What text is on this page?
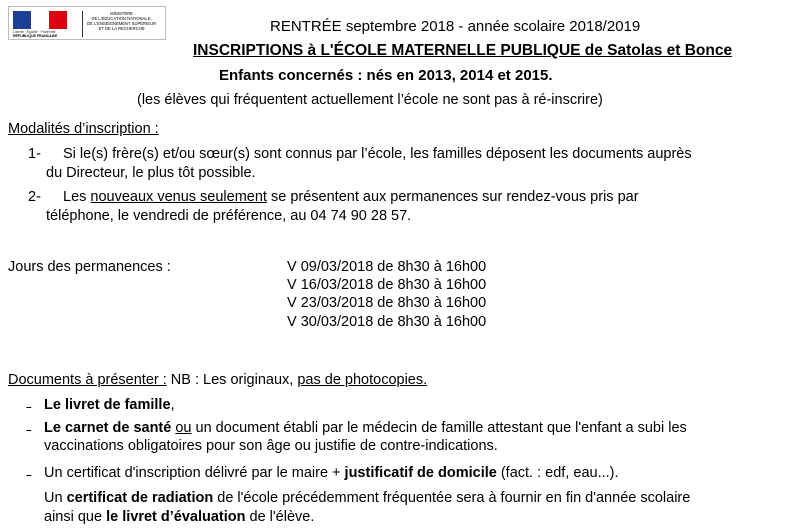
Liberté · Égalité · Fraternité
RÉPUBLIQUE FRANÇAISE
MINISTÈRE
DE L'ÉDUCATION NATIONALE,
DE L'ENSEIGNEMENT SUPÉRIEUR
ET DE LA RECHERCHE	RENTRÉE septembre 2018 - année scolaire 2018/2019
INSCRIPTIONS à L'ÉCOLE MATERNELLE PUBLIQUE de Satolas et Bonce
Enfants concernés : nés en 2013, 2014 et 2015.
(les élèves qui fréquentent actuellement l’école ne sont pas à ré-inscrire)
Modalités d’inscription :
1- Si le(s) frère(s) et/ou sœur(s) sont connus par l’école, les familles déposent les documents auprès
du Directeur, le plus tôt possible.
2- Les nouveaux venus seulement se présentent aux permanences sur rendez-vous pris par
téléphone, le vendredi de préférence, au 04 74 90 28 57.
Jours des permanences :	V 09/03/2018 de 8h30 à 16h00
V 16/03/2018 de 8h30 à 16h00
V 23/03/2018 de 8h30 à 16h00
V 30/03/2018 de 8h30 à 16h00
Documents à présenter : NB : Les originaux, pas de photocopies.
– Le livret de famille,
– Le carnet de santé ou un document établi par le médecin de famille attestant que l'enfant a subi les
vaccinations obligatoires pour son âge ou justifie de contre-indications.
– Un certificat d'inscription délivré par le maire + justificatif de domicile (fact. : edf, eau...).
Un certificat de radiation de l'école précédemment fréquentée sera à fournir en fin d'année scolaire
ainsi que le livret d’évaluation de l'élève.
